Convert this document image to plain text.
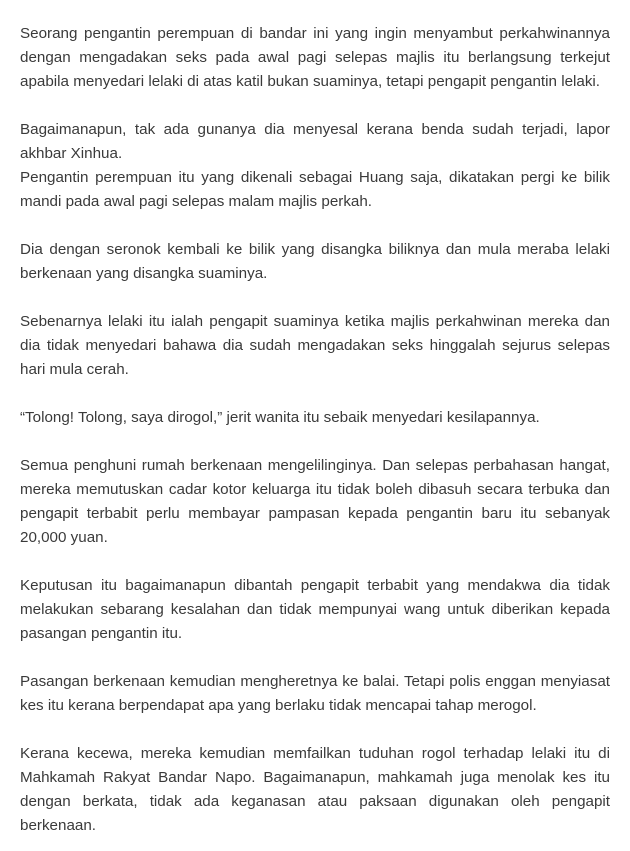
Seorang pengantin perempuan di bandar ini yang ingin menyambut perkahwinannya dengan mengadakan seks pada awal pagi selepas majlis itu berlangsung terkejut apabila menyedari lelaki di atas katil bukan suaminya, tetapi pengapit pengantin lelaki.

Bagaimanapun, tak ada gunanya dia menyesal kerana benda sudah terjadi, lapor akhbar Xinhua.

Pengantin perempuan itu yang dikenali sebagai Huang saja, dikatakan pergi ke bilik mandi pada awal pagi selepas malam majlis perkah.

Dia dengan seronok kembali ke bilik yang disangka biliknya dan mula meraba lelaki berkenaan yang disangka suaminya.

Sebenarnya lelaki itu ialah pengapit suaminya ketika majlis perkahwinan mereka dan dia tidak menyedari bahawa dia sudah mengadakan seks hinggalah sejurus selepas hari mula cerah.

“Tolong! Tolong, saya dirogol,” jerit wanita itu sebaik menyedari kesilapannya.

Semua penghuni rumah berkenaan mengelilinginya. Dan selepas perbahasan hangat, mereka memutuskan cadar kotor keluarga itu tidak boleh dibasuh secara terbuka dan pengapit terbabit perlu membayar pampasan kepada pengantin baru itu sebanyak 20,000 yuan.

Keputusan itu bagaimanapun dibantah pengapit terbabit yang mendakwa dia tidak melakukan sebarang kesalahan dan tidak mempunyai wang untuk diberikan kepada pasangan pengantin itu.

Pasangan berkenaan kemudian mengheretnya ke balai. Tetapi polis enggan menyiasat kes itu kerana berpendapat apa yang berlaku tidak mencapai tahap merogol.

Kerana kecewa, mereka kemudian memfailkan tuduhan rogol terhadap lelaki itu di Mahkamah Rakyat Bandar Napo. Bagaimanapun, mahkamah juga menolak kes itu dengan berkata, tidak ada keganasan atau paksaan digunakan oleh pengapit berkenaan.
